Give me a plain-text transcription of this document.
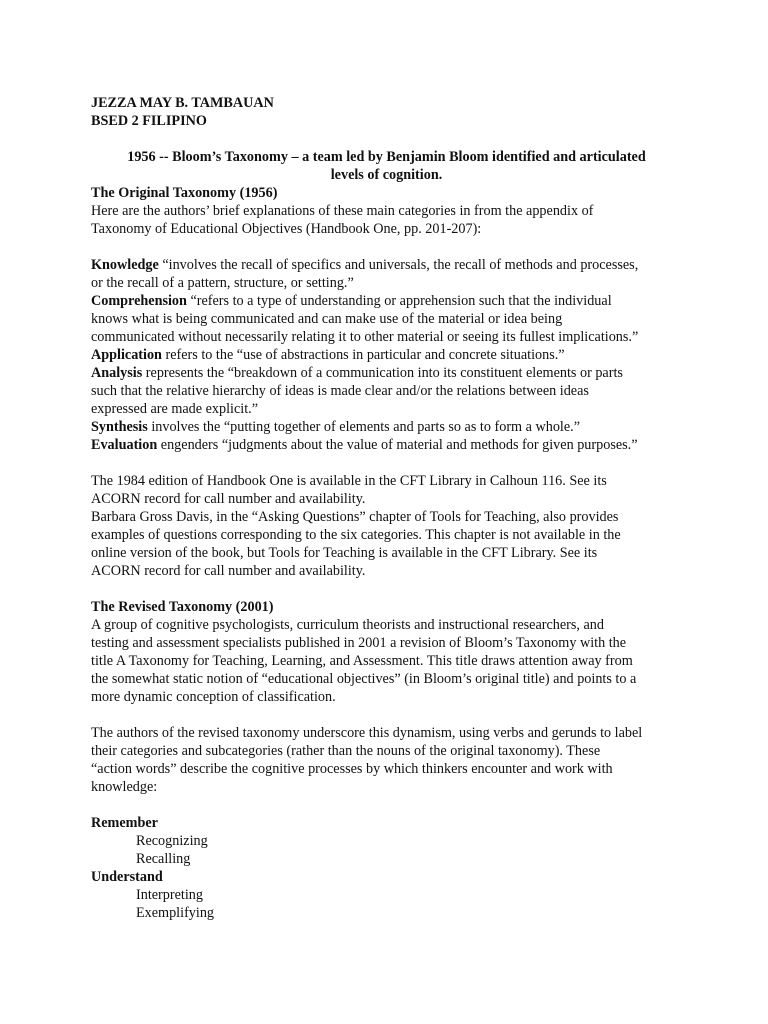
JEZZA MAY B. TAMBAUAN

BSED 2 FILIPINO

1956 -- Bloom’s Taxonomy – a team led by Benjamin Bloom identified and articulated

levels of cognition.

The Original Taxonomy (1956)

Here are the authors’ brief explanations of these main categories in from the appendix of

Taxonomy of Educational Objectives (Handbook One, pp. 201-207):

Knowledge “involves the recall of specifics and universals, the recall of methods and processes,

or the recall of a pattern, structure, or setting.”

Comprehension “refers to a type of understanding or apprehension such that the individual

knows what is being communicated and can make use of the material or idea being

communicated without necessarily relating it to other material or seeing its fullest implications.”

Application refers to the “use of abstractions in particular and concrete situations.”

Analysis represents the “breakdown of a communication into its constituent elements or parts

such that the relative hierarchy of ideas is made clear and/or the relations between ideas

expressed are made explicit.”

Synthesis involves the “putting together of elements and parts so as to form a whole.”

Evaluation engenders “judgments about the value of material and methods for given purposes.”

The 1984 edition of Handbook One is available in the CFT Library in Calhoun 116. See its

ACORN record for call number and availability.

Barbara Gross Davis, in the “Asking Questions” chapter of Tools for Teaching, also provides

examples of questions corresponding to the six categories. This chapter is not available in the

online version of the book, but Tools for Teaching is available in the CFT Library. See its

ACORN record for call number and availability.

The Revised Taxonomy (2001)

A group of cognitive psychologists, curriculum theorists and instructional researchers, and

testing and assessment specialists published in 2001 a revision of Bloom’s Taxonomy with the

title A Taxonomy for Teaching, Learning, and Assessment. This title draws attention away from

the somewhat static notion of “educational objectives” (in Bloom’s original title) and points to a

more dynamic conception of classification.

The authors of the revised taxonomy underscore this dynamism, using verbs and gerunds to label

their categories and subcategories (rather than the nouns of the original taxonomy). These

“action words” describe the cognitive processes by which thinkers encounter and work with

knowledge:

Remember

Recognizing

Recalling

Understand

Interpreting

Exemplifying
